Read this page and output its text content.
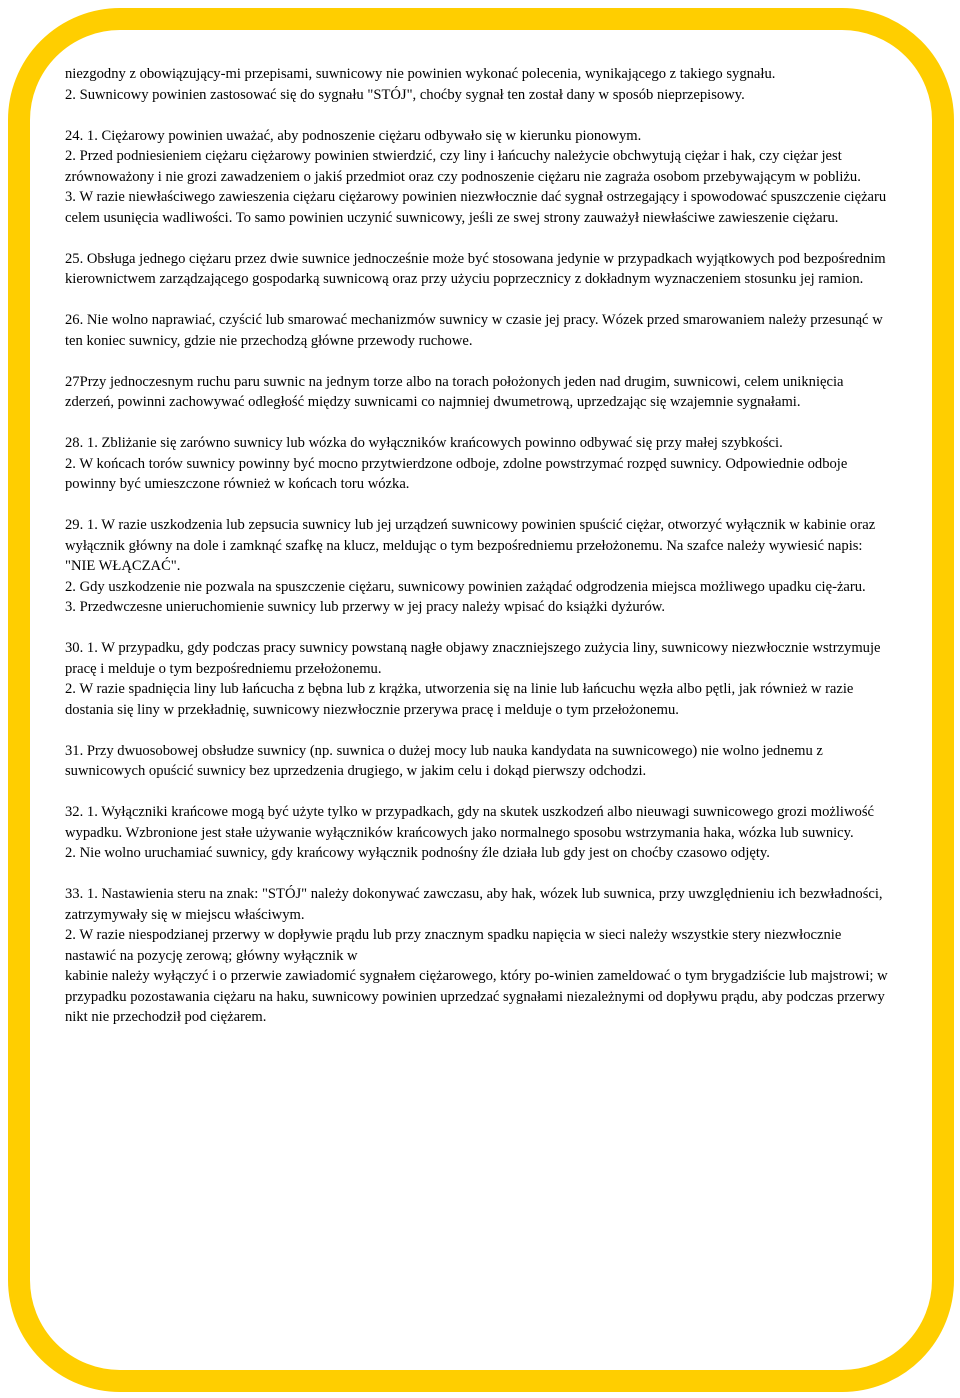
niezgodny z obowiązujący-mi przepisami, suwnicowy nie powinien wykonać polecenia, wynikającego z takiego sygnału.
2. Suwnicowy powinien zastosować się do sygnału "STÓJ", choćby sygnał ten został dany w sposób nieprzepisowy.

24. 1. Ciężarowy powinien uważać, aby podnoszenie ciężaru odbywało się w kierunku pionowym.
2. Przed podniesieniem ciężaru ciężarowy powinien stwierdzić, czy liny i łańcuchy należycie obchwytują ciężar i hak, czy ciężar jest zrównoważony i nie grozi zawadzeniem o jakiś przedmiot oraz czy podnoszenie ciężaru nie zagraża osobom przebywającym w pobliżu.
3. W razie niewłaściwego zawieszenia ciężaru ciężarowy powinien niezwłocznie dać sygnał ostrzegający i spowodować spuszczenie ciężaru celem usunięcia wadliwości. To samo powinien uczynić suwnicowy, jeśli ze swej strony zauważył niewłaściwe zawieszenie ciężaru.

25. Obsługa jednego ciężaru przez dwie suwnice jednocześnie może być stosowana jedynie w przypadkach wyjątkowych pod bezpośrednim kierownictwem zarządzającego gospodarką suwnicową oraz przy użyciu poprzecznicy z dokładnym wyznaczeniem stosunku jej ramion.

26. Nie wolno naprawiać, czyścić lub smarować mechanizmów suwnicy w czasie jej pracy. Wózek przed smarowaniem należy przesunąć w ten koniec suwnicy, gdzie nie przechodzą główne przewody ruchowe.

27Przy jednoczesnym ruchu paru suwnic na jednym torze albo na torach położonych jeden nad drugim, suwnicowi, celem uniknięcia zderzeń, powinni zachowywać odległość między suwnicami co najmniej dwumetrową, uprzedzając się wzajemnie sygnałami.

28. 1. Zbliżanie się zarówno suwnicy lub wózka do wyłączników krańcowych powinno odbywać się przy małej szybkości.
2. W końcach torów suwnicy powinny być mocno przytwierdzone odboje, zdolne powstrzymać rozpęd suwnicy. Odpowiednie odboje powinny być umieszczone również w końcach toru wózka.

29. 1. W razie uszkodzenia lub zepsucia suwnicy lub jej urządzeń suwnicowy powinien spuścić ciężar, otworzyć wyłącznik w kabinie oraz wyłącznik główny na dole i zamknąć szafkę na klucz, meldując o tym bezpośredniemu przełożonemu. Na szafce należy wywiesić napis: "NIE WŁĄCZAĆ".
2. Gdy uszkodzenie nie pozwala na spuszczenie ciężaru, suwnicowy powinien zażądać odgrodzenia miejsca możliwego upadku cię-żaru.
3. Przedwczesne unieruchomienie suwnicy lub przerwy w jej pracy należy wpisać do książki dyżurów.

30. 1. W przypadku, gdy podczas pracy suwnicy powstaną nagłe objawy znaczniejszego zużycia liny, suwnicowy niezwłocznie wstrzymuje pracę i melduje o tym bezpośredniemu przełożonemu.
2. W razie spadnięcia liny lub łańcucha z bębna lub z krążka, utworzenia się na linie lub łańcuchu węzła albo pętli, jak również w razie dostania się liny w przekładnię, suwnicowy niezwłocznie przerywa pracę i melduje o tym przełożonemu.

31. Przy dwuosobowej obsłudze suwnicy (np. suwnica o dużej mocy lub nauka kandydata na suwnicowego) nie wolno jednemu z suwnicowych opuścić suwnicy bez uprzedzenia drugiego, w jakim celu i dokąd pierwszy odchodzi.

32. 1. Wyłączniki krańcowe mogą być użyte tylko w przypadkach, gdy na skutek uszkodzeń albo nieuwagi suwnicowego grozi możliwość wypadku. Wzbronione jest stałe używanie wyłączników krańcowych jako normalnego sposobu wstrzymania haka, wózka lub suwnicy.
2. Nie wolno uruchamiać suwnicy, gdy krańcowy wyłącznik podnośny źle działa lub gdy jest on choćby czasowo odjęty.

33. 1. Nastawienia steru na znak: "STÓJ" należy dokonywać zawczasu, aby hak, wózek lub suwnica, przy uwzględnieniu ich bezwładności, zatrzymywały się w miejscu właściwym.
2. W razie niespodzianej przerwy w dopływie prądu lub przy znacznym spadku napięcia w sieci należy wszystkie stery niezwłocznie nastawić na pozycję zerową; główny wyłącznik w
kabinie należy wyłączyć i o przerwie zawiadomić sygnałem ciężarowego, który po-winien zameldować o tym brygadziście lub majstrowi; w przypadku pozostawania ciężaru na haku, suwnicowy powinien uprzedzać sygnałami niezależnymi od dopływu prądu, aby podczas przerwy nikt nie przechodził pod ciężarem.
